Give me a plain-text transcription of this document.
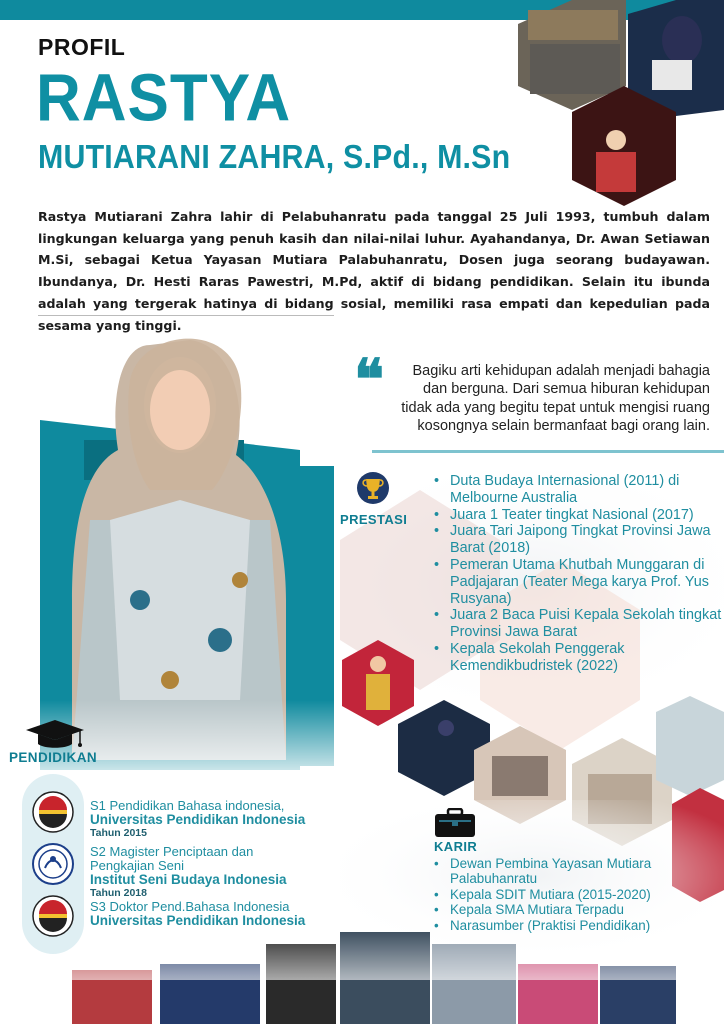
PROFIL
RASTYA
MUTIARANI ZAHRA, S.Pd., M.Sn

Rastya Mutiarani Zahra lahir di Pelabuhanratu pada tanggal 25 Juli 1993, tumbuh dalam lingkungan keluarga yang penuh kasih dan nilai-nilai luhur. Ayahandanya, Dr. Awan Setiawan M.Si, sebagai Ketua Yayasan Mutiara Palabuhanratu, Dosen juga seorang budayawan. Ibundanya, Dr. Hesti Raras Pawestri, M.Pd, aktif di bidang pendidikan. Selain itu ibunda adalah yang tergerak hatinya di bidang sosial, memiliki rasa empati dan kepedulian pada sesama yang tinggi.

❝	Bagiku arti kehidupan adalah menjadi bahagia
dan berguna. Dari semua hiburan kehidupan
tidak ada yang begitu tepat untuk mengisi ruang
kosongnya selain bermanfaat bagi orang lain.
PRESTASI
• Duta Budaya Internasional (2011) di Melbourne Australia
• Juara 1 Teater tingkat Nasional (2017)
• Juara Tari Jaipong Tingkat Provinsi Jawa Barat (2018)
• Pemeran Utama Khutbah Munggaran di Padjajaran (Teater Mega karya Prof. Yus Rusyana)
• Juara 2 Baca Puisi Kepala Sekolah tingkat Provinsi Jawa Barat
• Kepala Sekolah Penggerak Kemendikbudristek (2022)
PENDIDIKAN
S1 Pendidikan Bahasa indonesia,
Universitas Pendidikan Indonesia
Tahun 2015
S2 Magister Penciptaan dan Pengkajian Seni
Institut Seni Budaya Indonesia
Tahun 2018
S3 Doktor Pend.Bahasa Indonesia
Universitas Pendidikan Indonesia
KARIR
• Dewan Pembina Yayasan Mutiara Palabuhanratu
• Kepala SDIT Mutiara (2015-2020)
• Kepala SMA Mutiara Terpadu
• Narasumber (Praktisi Pendidikan)
